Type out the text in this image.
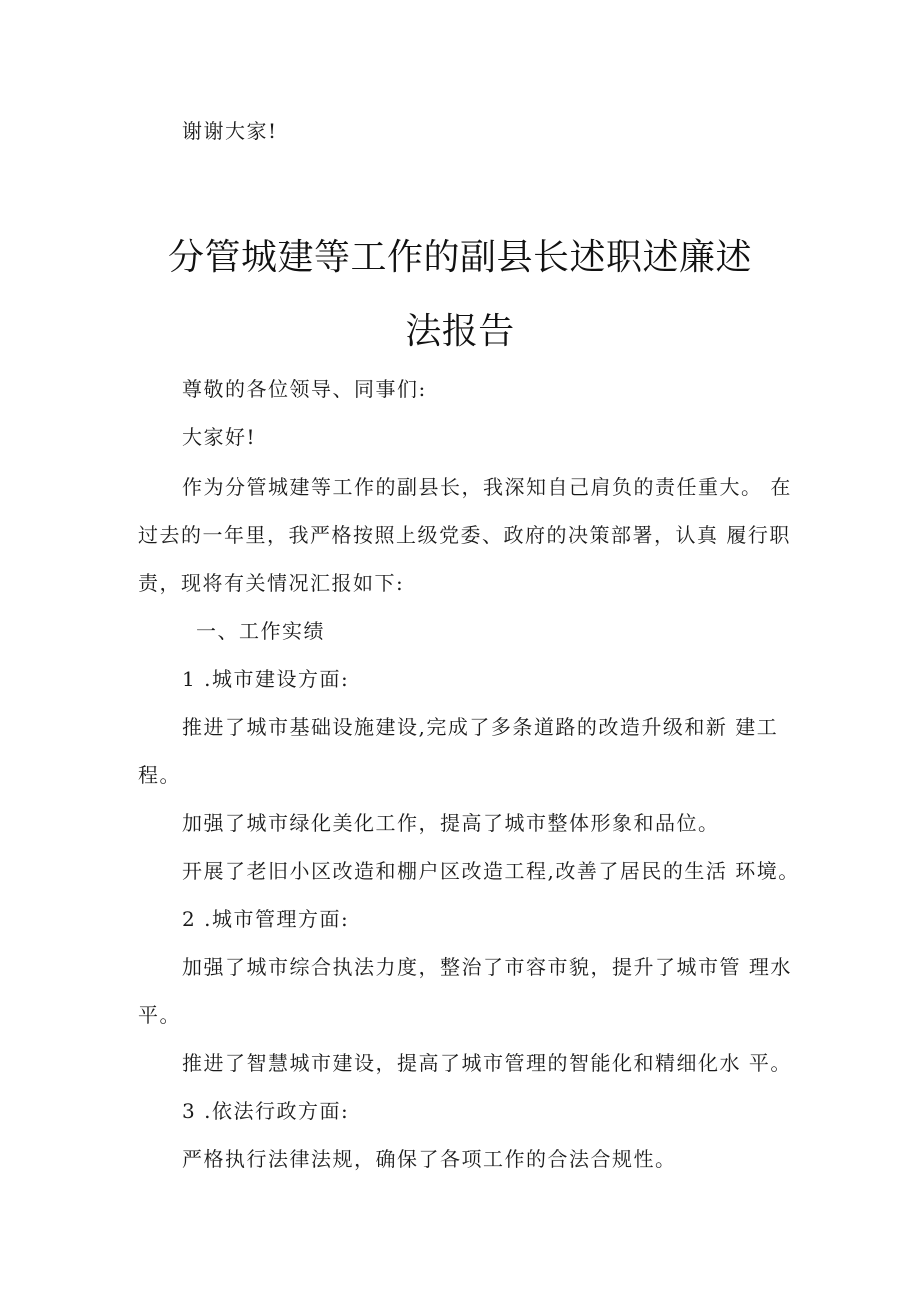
谢谢大家!
分管城建等工作的副县长述职述廉述
法报告
尊敬的各位领导、同事们:
大家好!
作为分管城建等工作的副县长，我深知自己肩负的责任重大。 在
过去的一年里，我严格按照上级党委、政府的决策部署，认真 履行职
责，现将有关情况汇报如下:
一、工作实绩
1 .城市建设方面:
推进了城市基础设施建设,完成了多条道路的改造升级和新 建工
程。
加强了城市绿化美化工作，提高了城市整体形象和品位。
开展了老旧小区改造和棚户区改造工程,改善了居民的生活 环境。
2 .城市管理方面:
加强了城市综合执法力度，整治了市容市貌，提升了城市管 理水
平。
推进了智慧城市建设，提高了城市管理的智能化和精细化水 平。
3 .依法行政方面:
严格执行法律法规，确保了各项工作的合法合规性。
